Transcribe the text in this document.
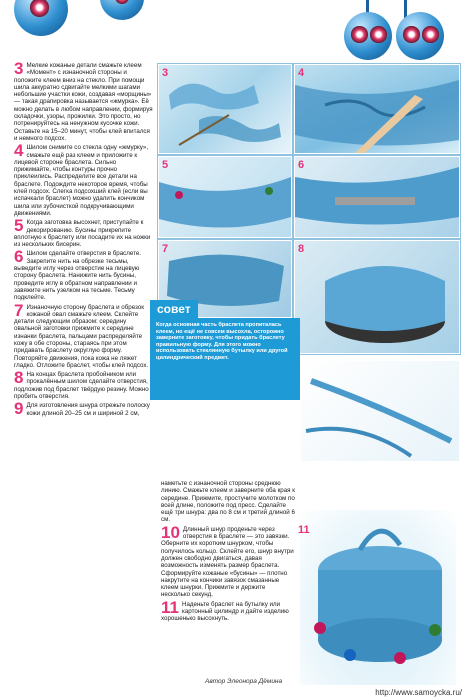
3 Мелкие кожаные детали смажьте клеем «Момент» с изнаночной стороны и положите клеем вниз на стекло. При помощи шила аккуратно сдвигайте мелкими шагами небольшие участки кожи, создавая «морщины» — такая драпировка называется «жмурка». Её можно делать в любом направлении, формируя складочки, узоры, прожилки. Это просто, но потренируйтесь на ненужном кусочке кожи. Оставьте на 15–20 минут, чтобы клей впитался и немного подсох.
4 Шилом снимите со стекла одну «жмурку», смажьте ещё раз клеем и приложите к лицевой стороне браслета. Сильно прижимайте, чтобы контуры прочно приклеились. Распределите все детали на браслете. Подождите некоторое время, чтобы клей подсох. Слегка подсохший клей (если вы испачкали браслет) можно удалить кончиком шила или зубочисткой подкручивающими движениями.
5 Когда заготовка высохнет, приступайте к декорированию. Бусины прикрепите вплотную к браслету или посадите их на ножки из нескольких бисерин.
6 Шилом сделайте отверстия в браслете. Закрепите нить на обрезке тесьмы, выведите иглу через отверстие на лицевую сторону браслета. Нанижите нить бусины, проведите иглу в обратном направлении и завяжите нить узелком на тесьме. Тесьму подклейте.
7 Изнаночную сторону браслета и обрезок кожаной овал смажьте клеем. Склейте детали следующим образом: середину овальной заготовки прижмите к середине изнанки браслета, пальцами распределяйте кожу в обе стороны, стараясь при этом придавать браслету округлую форму. Повторяйте движения, пока кожа не ляжет гладко. Отложите браслет, чтобы клей подсох.
8 На концах браслета пробойником или прокалённым шилом сделайте отверстия, подложив под браслет твёрдую резину. Можно пробить отверстия.
9 Для изготовления шнура отрежьте полоску кожи длиной 20–25 см и шириной 2 см,
3	4
5	6
7	8
совет
Когда основная часть браслета пропиталась клеем, но ещё не совсем высохла, осторожно заверните заготовку, чтобы придать браслету правильную форму. Для этого можно использовать стеклянную бутылку или другой цилиндрический предмет.
наметьте с изнаночной стороны среднюю линию. Смажьте клеем и заверните оба края к середине. Прижмите, простучите молотком по всей длине, положите под пресс. Сделайте ещё три шнура: два по 8 см и третий длиной 6 см.
10 Длинный шнур проденьте через отверстия в браслете — это завязки. Оберните их коротким шнурком, чтобы получилось кольцо. Склейте его, шнур внутри должен свободно двигаться, давая возможность изменять размер браслета. Сформируйте кожаные «бусины» — плотно накрутите на кончики завязок смазанные клеем шнурки. Прижмите и держите несколько секунд.
11 Наденьте браслет на бутылку или картонный цилиндр и дайте изделию хорошенько высохнуть.
11
Автор Элеонора Дёмина
http://www.samoycka.ru/
